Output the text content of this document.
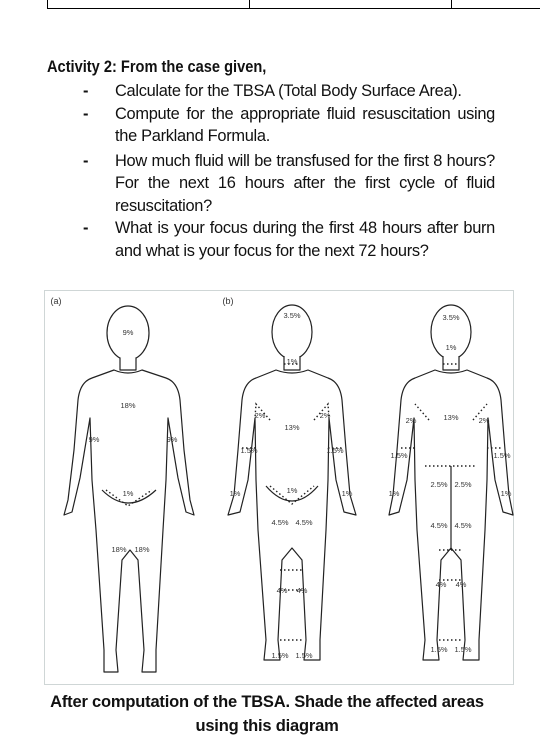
Activity 2: From the case given,
- Calculate for the TBSA (Total Body Surface Area).
- Compute for the appropriate fluid resuscitation using the Parkland Formula.
- How much fluid will be transfused for the first 8 hours? For the next 16 hours after the first cycle of fluid resuscitation?
- What is your focus during the first 48 hours after burn and what is your focus for the next 72 hours?
(a)	(b)
9%
18%
9%	9%
1%
18% 18%
3.5%
1%
2%	2%
13%
1.5%	1.5%
1%
1%	1%
4.5% 4.5%
4% 4%
1.5% 1.5%
3.5%
1%
2%	2%
13%
1.5%	1.5%
2.5% 2.5%
1%	1%
4.5% 4.5%
4% 4%
1.5% 1.5%
After computation of the TBSA. Shade the affected areas
using this diagram
